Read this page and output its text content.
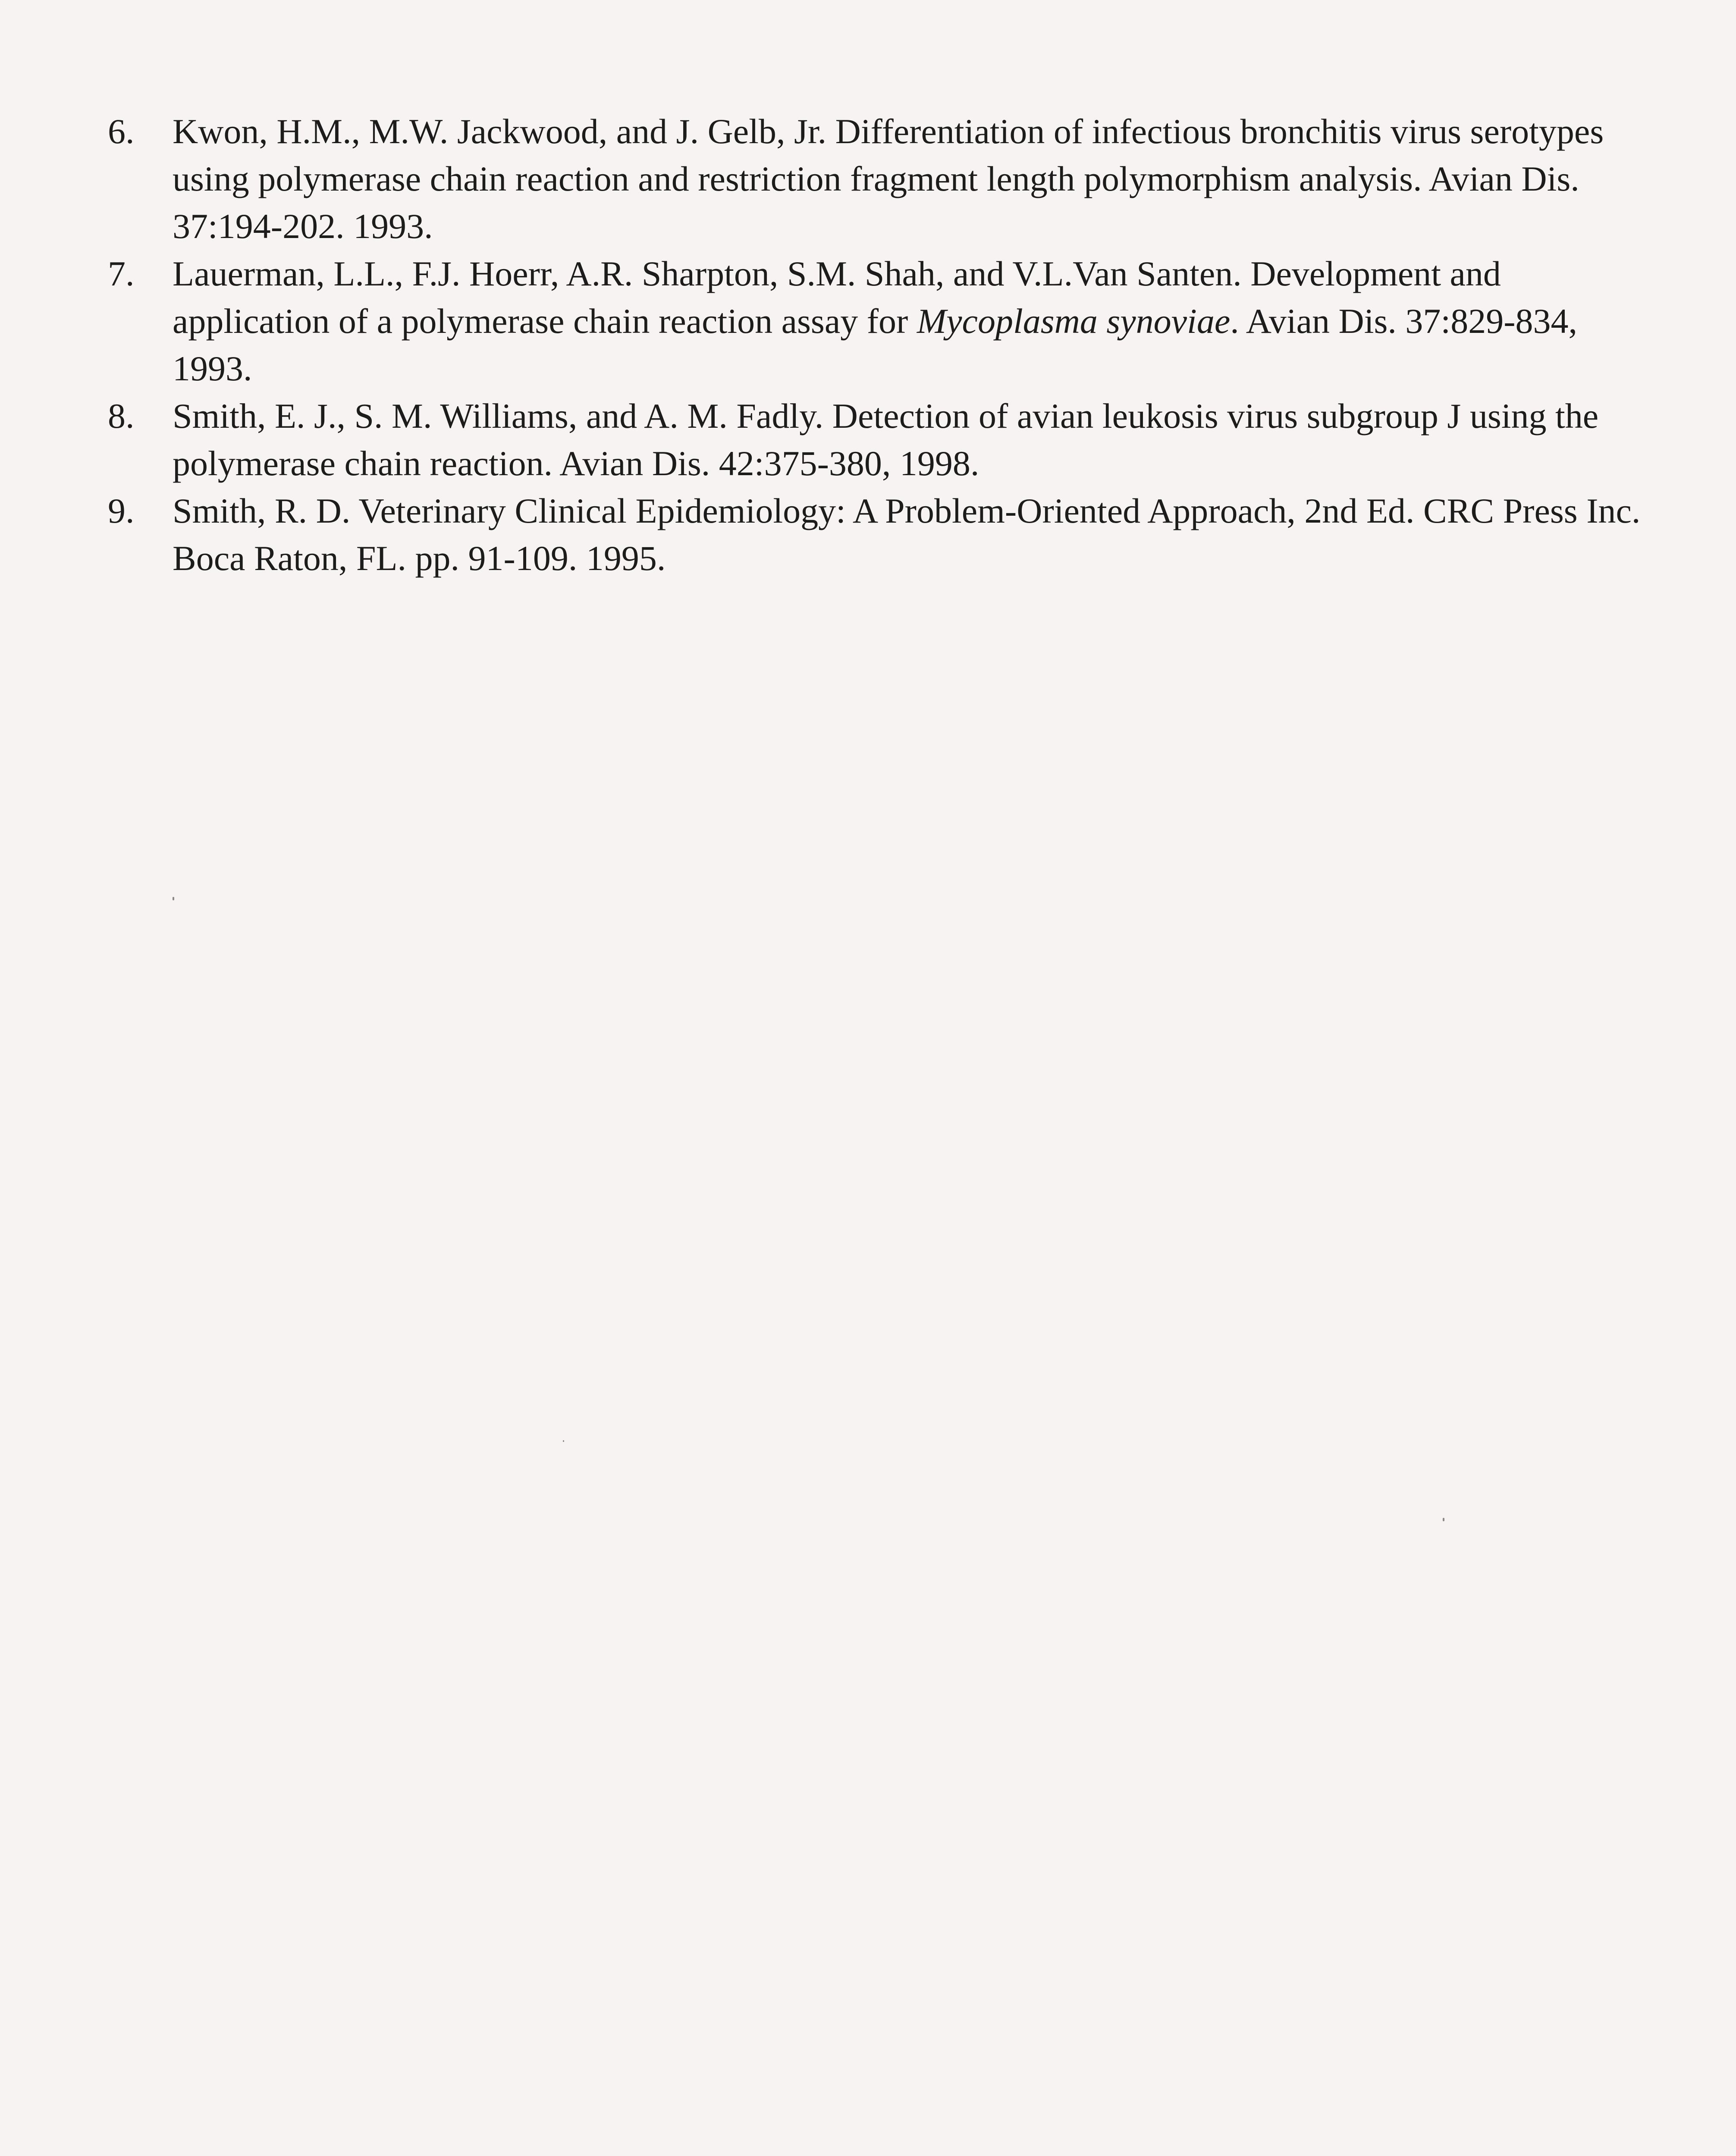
6.	Kwon, H.M., M.W. Jackwood, and J. Gelb, Jr. Differentiation of infectious bronchitis virus serotypes using polymerase chain reaction and restriction fragment length polymorphism analysis. Avian Dis. 37:194-202. 1993.
7.	Lauerman, L.L., F.J. Hoerr, A.R. Sharpton, S.M. Shah, and V.L.Van Santen. Development and application of a polymerase chain reaction assay for Mycoplasma synoviae. Avian Dis. 37:829-834, 1993.
8.	Smith, E. J., S. M. Williams, and A. M. Fadly. Detection of avian leukosis virus subgroup J using the polymerase chain reaction. Avian Dis. 42:375-380, 1998.
9.	Smith, R. D. Veterinary Clinical Epidemiology: A Problem-Oriented Approach, 2nd Ed. CRC Press Inc. Boca Raton, FL. pp. 91-109. 1995.
